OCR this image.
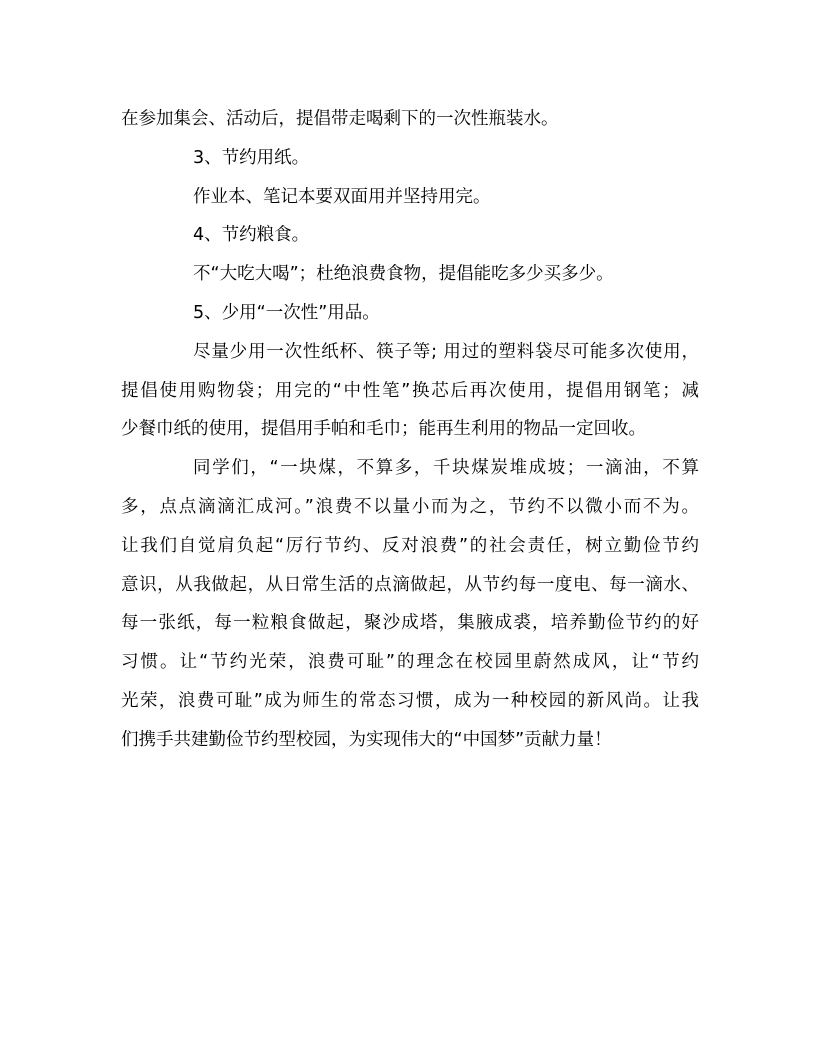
在参加集会、活动后，提倡带走喝剩下的一次性瓶装水。
3、节约用纸。
作业本、笔记本要双面用并坚持用完。
4、节约粮食。
不“大吃大喝”；杜绝浪费食物，提倡能吃多少买多少。
5、少用“一次性”用品。
尽量少用一次性纸杯、筷子等; 用过的塑料袋尽可能多次使用，
提倡使用购物袋；用完的“中性笔”换芯后再次使用，提倡用钢笔；减
少餐巾纸的使用，提倡用手帕和毛巾；能再生利用的物品一定回收。
同学们，“一块煤，不算多，千块煤炭堆成坡；一滴油，不算
多，点点滴滴汇成河。”浪费不以量小而为之，节约不以微小而不为。
让我们自觉肩负起“厉行节约、反对浪费”的社会责任，树立勤俭节约
意识，从我做起，从日常生活的点滴做起，从节约每一度电、每一滴水、
每一张纸，每一粒粮食做起，聚沙成塔，集腋成裘，培养勤俭节约的好
习惯。让“节约光荣，浪费可耻”的理念在校园里蔚然成风，让“节约
光荣，浪费可耻”成为师生的常态习惯，成为一种校园的新风尚。让我
们携手共建勤俭节约型校园，为实现伟大的“中国梦”贡献力量！
